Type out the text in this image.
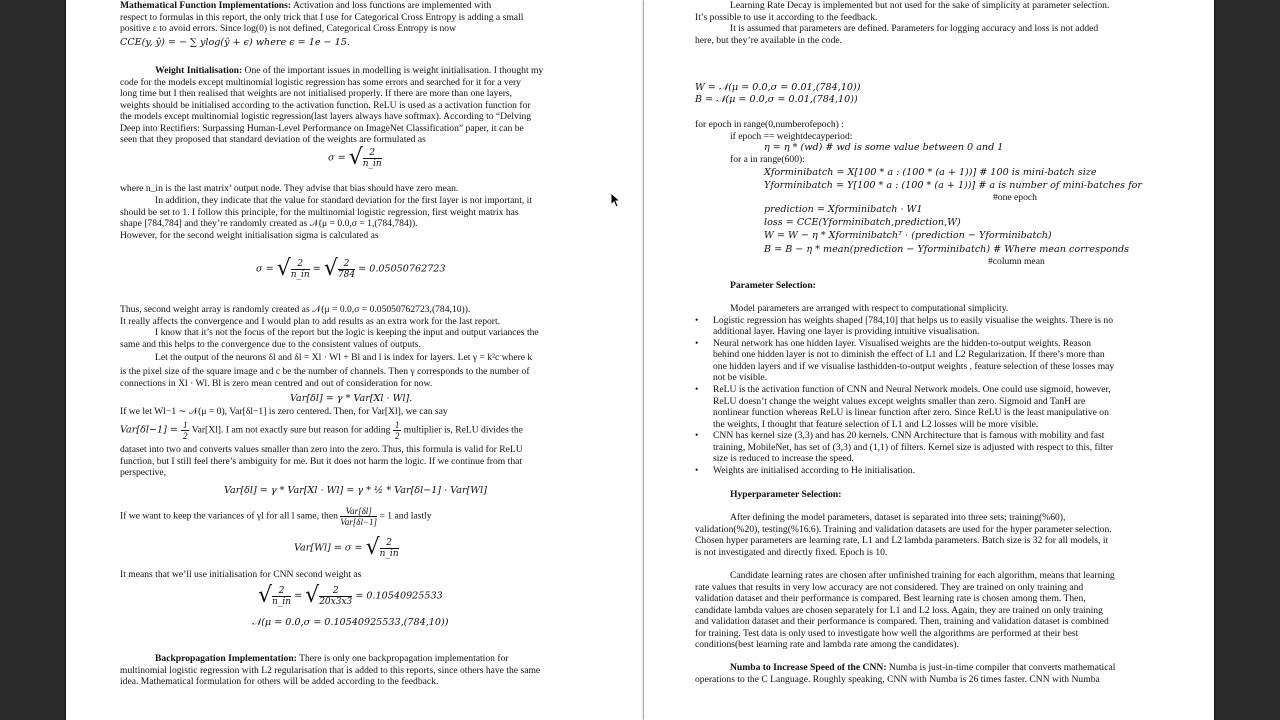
Mathematical Function Implementations: Activation and loss functions are implemented with
respect to formulas in this report, the only trick that I use for Categorical Cross Entropy is adding a small
positive ε to avoid errors. Since log(0) is not defined, Categorical Cross Entropy is now
CCE(y, ŷ) = − ∑ ylog(ŷ + ϵ) where ϵ = 1e − 15.
Weight Initialisation: One of the important issues in modelling is weight initialisation. I thought my
code for the models except multinomial logistic regression has some errors and searched for it for a very
long time but I then realised that weights are not initialised properly. If there are more than one layers,
weights should be initialised according to the activation function. ReLU is used as a activation function for
the models except multinomial logistic regression(last layers always have softmax). According to “Delving
Deep into Rectifiers: Surpassing Human-Level Performance on ImageNet Classification” paper, it can be
seen that they proposed that standard deviation of the weights are formulated as
σ = √ $\frac{2}{n\_in}$
where n_in is the last matrix’ output node. They advise that bias should have zero mean.
In addition, they indicate that the value for standard deviation for the first layer is not important, it
should be set to 1. I follow this principle, for the multinomial logistic regression, first weight matrix has
shape [784,784] and they’re randomly created as 𝒩(μ = 0.0,σ = 1,(784,784)).
However, for the second weight initialisation sigma is calculated as
σ = √ $\frac{2}{n\_in}$ = √ $\frac{2}{784} = 0.05050762723$
Thus, second weight array is randomly created as 𝒩(μ = 0.0,σ = 0.05050762723,(784,10)).
It really affects the convergence and I would plan to add results as an extra work for the last report.
I know that it’s not the focus of the report but the logic is keeping the input and output variances the
same and this helps to the convergence due to the consistent values of outputs.
Let the output of the neurons δl and δl = Xl · Wl + Bl and l is index for layers. Let γ = k²c where k
is the pixel size of the square image and c be the number of channels. Then γ corresponds to the number of
connections in Xl · Wl. Bl is zero mean centred and out of consideration for now.
Var[δl] = γ * Var[Xl · Wl].
If we let Wl−1 ∼ 𝒩(μ = 0), Var[δl−1] is zero centered. Then, for Var[Xl], we can say
$Var[\delta l-1] = \frac{1}{2} Var[Xl]$. I am not exactly sure but reason for adding $\frac{1}{2}$ multiplier is, ReLU divides the
dataset into two and converts values smaller than zero into the zero. Thus, this formula is valid for ReLU
function, but I still feel there’s ambiguity for me. But it does not harm the logic. If we continue from that
perspective,
Var[δl] = γ * Var[Xl · Wl] = γ * ½ * Var[δl−1] · Var[Wl]
If we want to keep the variances of γl for all l same, then $\frac{\text{Var[δl]}}{\text{Var[δl−1]}} = 1$ and lastly
Var[Wl] = σ = √ $\frac{2}{n\_in}$
It means that we’ll use initialisation for CNN second weight as
√ $\frac{2}{n\_in}$ = √ $\frac{2}{20x3x3} = 0.10540925533$
𝒩(μ = 0.0,σ = 0.10540925533,(784,10))
Backpropagation Implementation: There is only one backpropagation implementation for
multinomial logistic regression with L2 regularisation that is added to this reports, since others have the same
idea. Mathematical formulation for others will be added according to the feedback.
Learning Rate Decay is implemented but not used for the sake of simplicity at parameter selection.
It’s possible to use it according to the feedback.
It is assumed that parameters are defined. Parameters for logging accuracy and loss is not added
here, but they’re available in the code.
W = 𝒩(μ = 0.0,σ = 0.01,(784,10))
B = 𝒩(μ = 0.0,σ = 0.01,(784,10))
for epoch in range(0,numberofepoch) :
if epoch == weightdecayperiod:
η = η * (wd) # wd is some value between 0 and 1
for a in range(600):
Xforminibatch = X[100 * a : (100 * (a + 1))] # 100 is mini-batch size
Yforminibatch = Y[100 * a : (100 * (a + 1))] # a is number of mini-batches for
#one epoch
prediction = Xforminibatch · W1
loss = CCE(Yforminibatch,prediction,W)
W = W − η * Xforminibatchᵀ · (prediction − Yforminibatch)
B = B − η * mean(prediction − Yforminibatch) # Where mean corresponds
#column mean
Parameter Selection:
Model parameters are arranged with respect to computational simplicity.
• Logistic regression has weights shaped [784,10] that helps us to easily visualise the weights. There is no
additional layer. Having one layer is providing intuitive visualisation.
• Neural network has one hidden layer. Visualised weights are the hidden-to-output weights. Reason
behind one hidden layer is not to diminish the effect of L1 and L2 Regularization. If there’s more than
one hidden layers and if we visualise lasthidden-to-output weights , feature selection of these losses may
not be visible.
• ReLU is the activation function of CNN and Neural Network models. One could use sigmoid, however,
ReLU doesn’t change the weight values except weights smaller than zero. Sigmoid and TanH are
nonlinear function whereas ReLU is linear function after zero. Since ReLU is the least manipulative on
the weights, I thought that feature selection of L1 and L2 losses will be more visible.
• CNN has kernel size (3,3) and has 20 kernels. CNN Architecture that is famous with mobility and fast
training, MobileNet, has set of (3,3) and (1,1) of filters. Kernel size is adjusted with respect to this, filter
size is reduced to increase the speed.
• Weights are initialised according to He initialisation.
Hyperparameter Selection:
After defining the model parameters, dataset is separated into three sets; training(%60),
validation(%20), testing(%16.6). Training and validation datasets are used for the hyper parameter selection.
Chosen hyper parameters are learning rate, L1 and L2 lambda parameters. Batch size is 32 for all models, it
is not investigated and directly fixed. Epoch is 10.
Candidate learning rates are chosen after unfinished training for each algorithm, means that learning
rate values that results in very low accuracy are not considered. They are trained on only training and
validation dataset and their performance is compared. Best learning rate is chosen among them. Then,
candidate lambda values are chosen separately for L1 and L2 loss. Again, they are trained on only training
and validation dataset and their performance is compared. Then, training and validation dataset is combined
for training. Test data is only used to investigate how well the algorithms are performed at their best
conditions(best learning rate and lambda rate among the candidates).
Numba to Increase Speed of the CNN: Numba is just-in-time compiler that converts mathematical
operations to the C Language. Roughly speaking, CNN with Numba is 26 times faster. CNN with Numba
